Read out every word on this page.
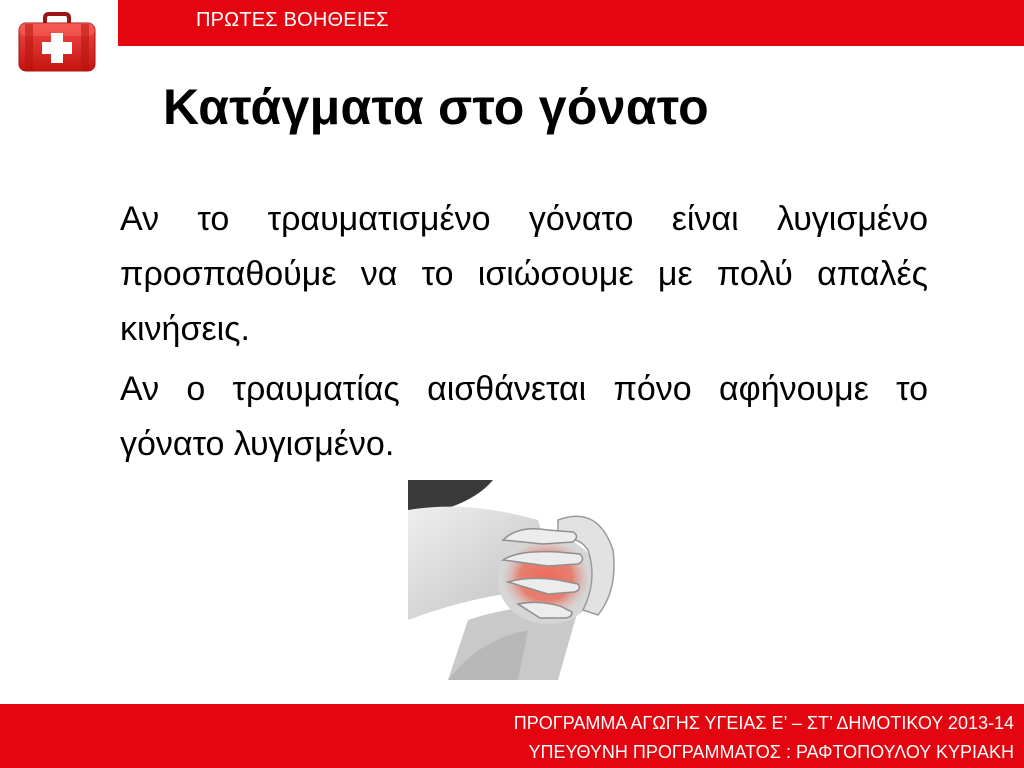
ΠΡΩΤΕΣ ΒΟΗΘΕΙΕΣ
Κατάγματα στο γόνατο

Αν το τραυματισμένο γόνατο είναι λυγισμένο προσπαθούμε να το ισιώσουμε με πολύ απαλές κινήσεις.

Αν ο τραυματίας αισθάνεται πόνο αφήνουμε το γόνατο λυγισμένο.

ΠΡΟΓΡΑΜΜΑ ΑΓΩΓΗΣ ΥΓΕΙΑΣ Ε’ – ΣΤ’ ΔΗΜΟΤΙΚΟΥ 2013-14
ΥΠΕΥΘΥΝΗ ΠΡΟΓΡΑΜΜΑΤΟΣ : ΡΑΦΤΟΠΟΥΛΟΥ ΚΥΡΙΑΚΗ
